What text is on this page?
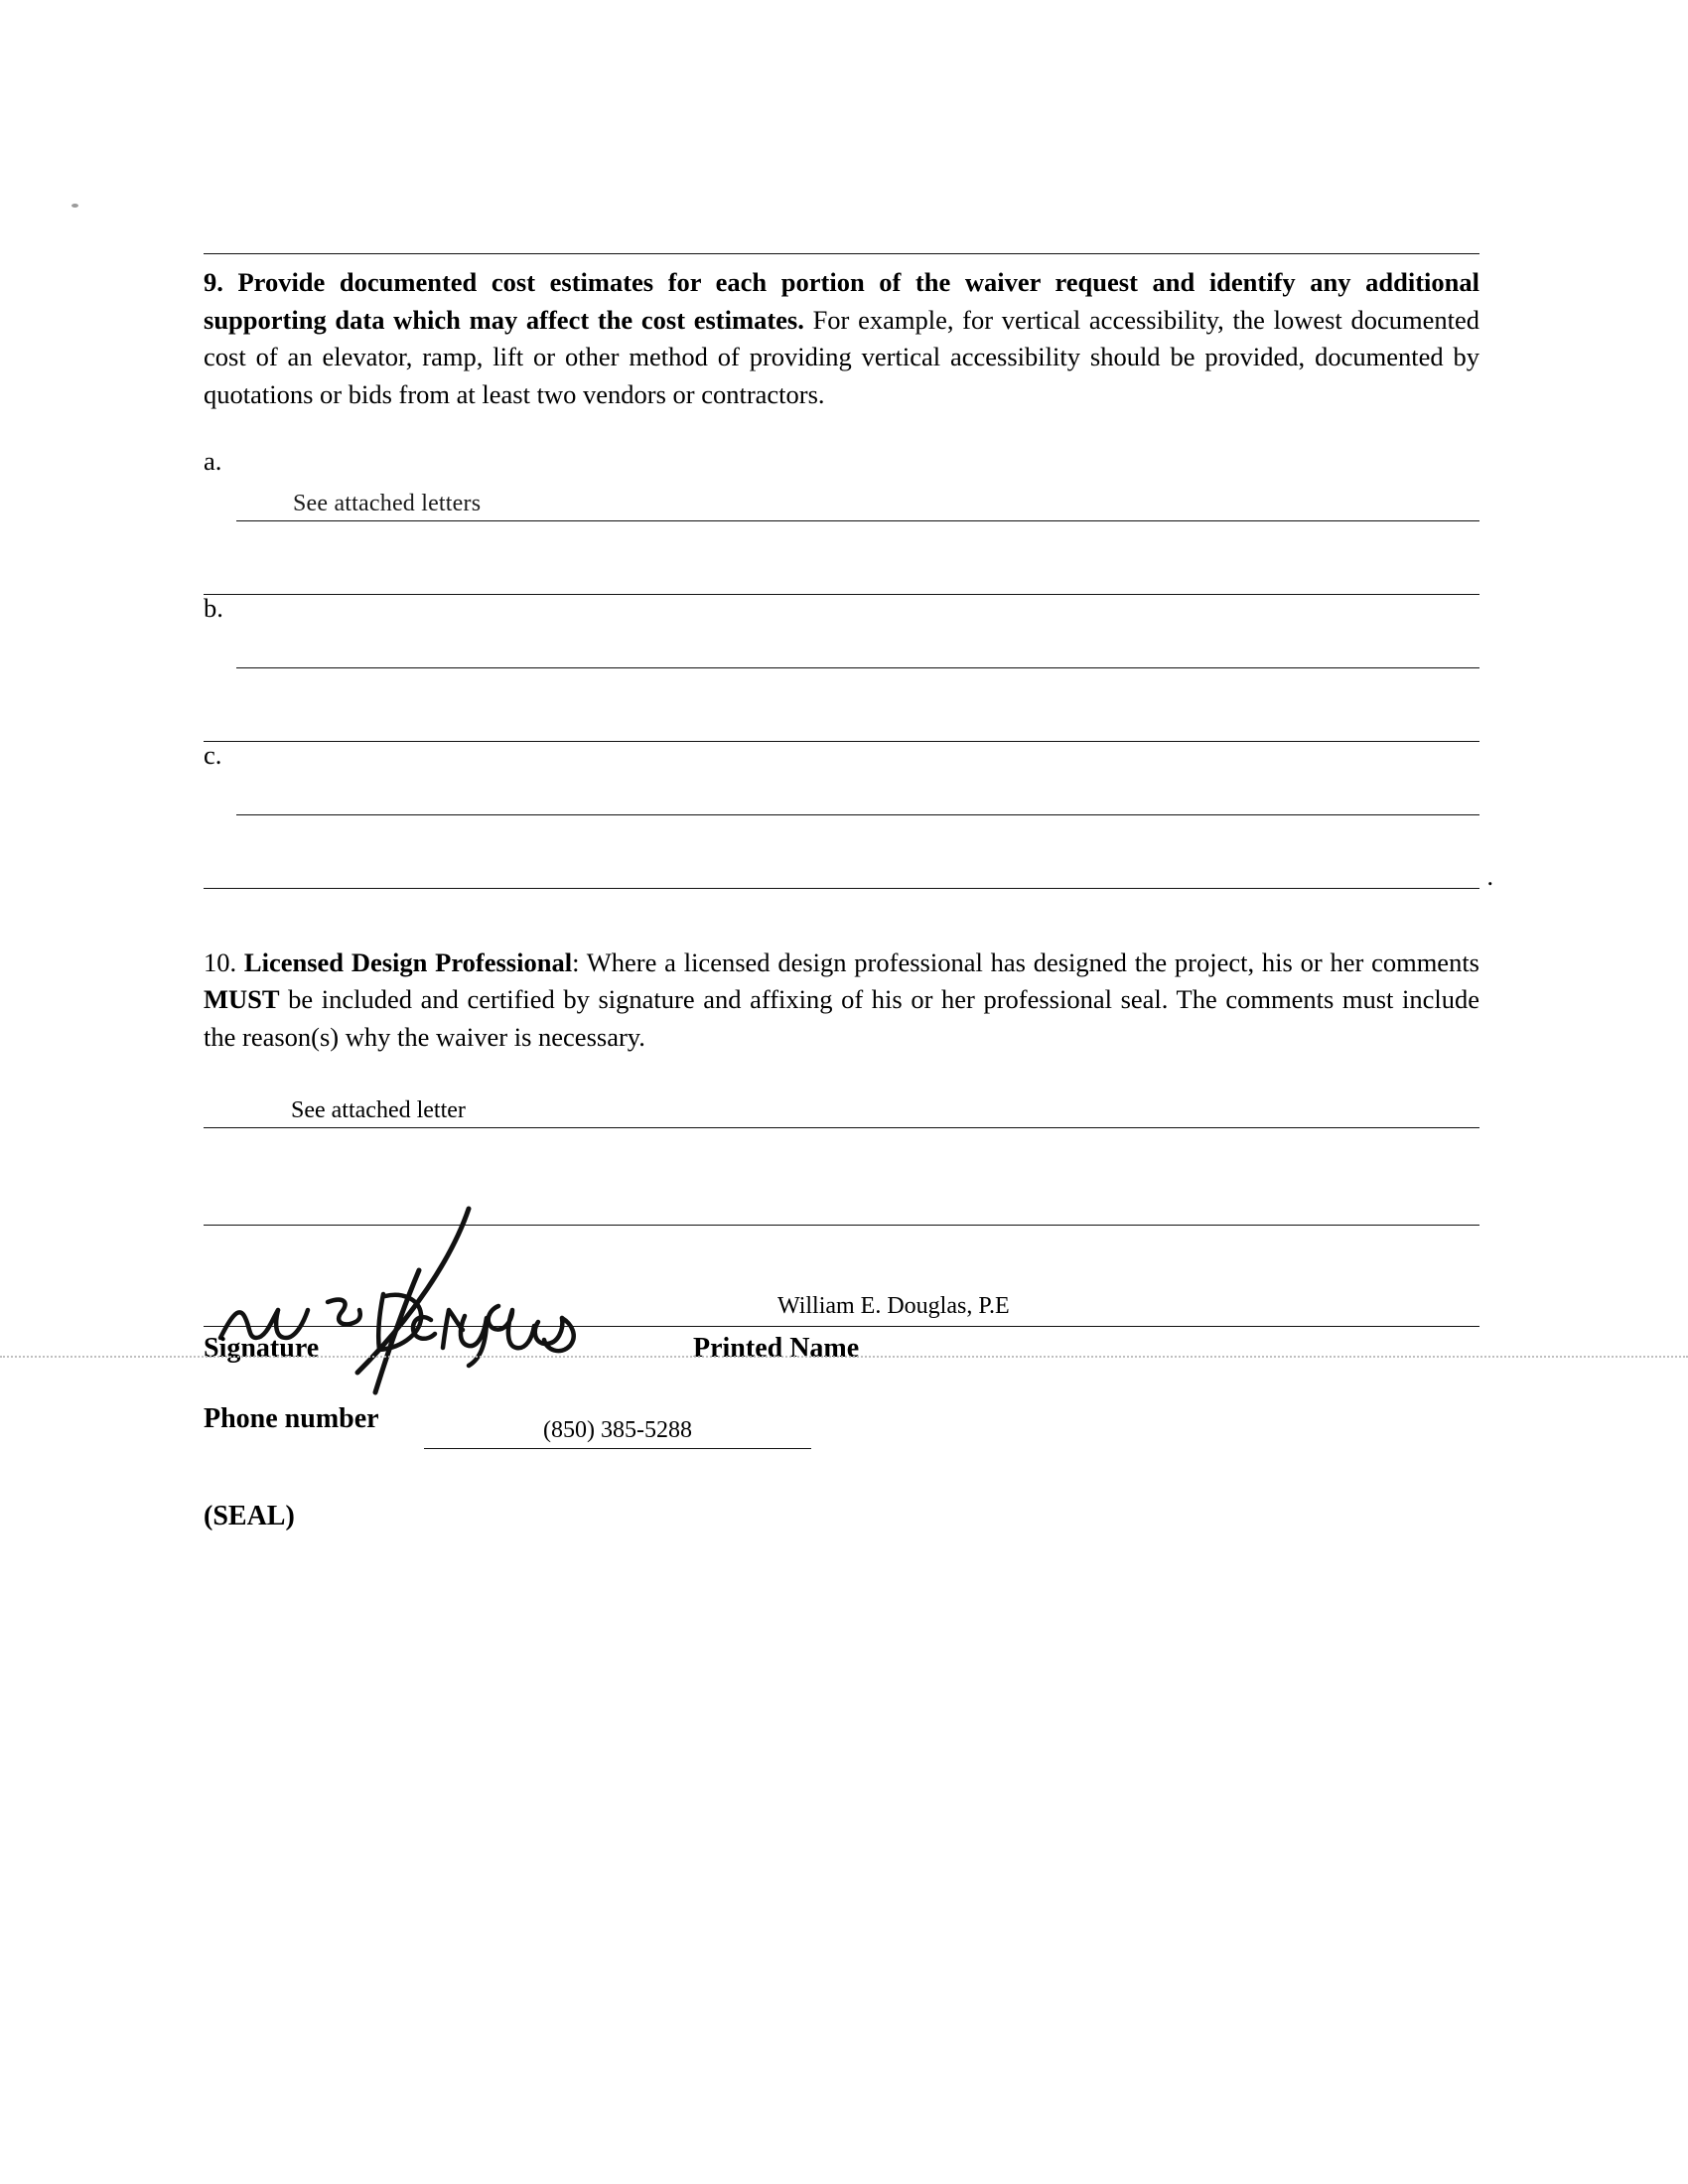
9. Provide documented cost estimates for each portion of the waiver request and identify any additional supporting data which may affect the cost estimates. For example, for vertical accessibility, the lowest documented cost of an elevator, ramp, lift or other method of providing vertical accessibility should be provided, documented by quotations or bids from at least two vendors or contractors.
a.
See attached letters
b.
c.
.
10. Licensed Design Professional: Where a licensed design professional has designed the project, his or her comments MUST be included and certified by signature and affixing of his or her professional seal. The comments must include the reason(s) why the waiver is necessary.
See attached letter
William E. Douglas, P.E
Signature	Printed Name
Phone number	(850) 385-5288
(SEAL)
